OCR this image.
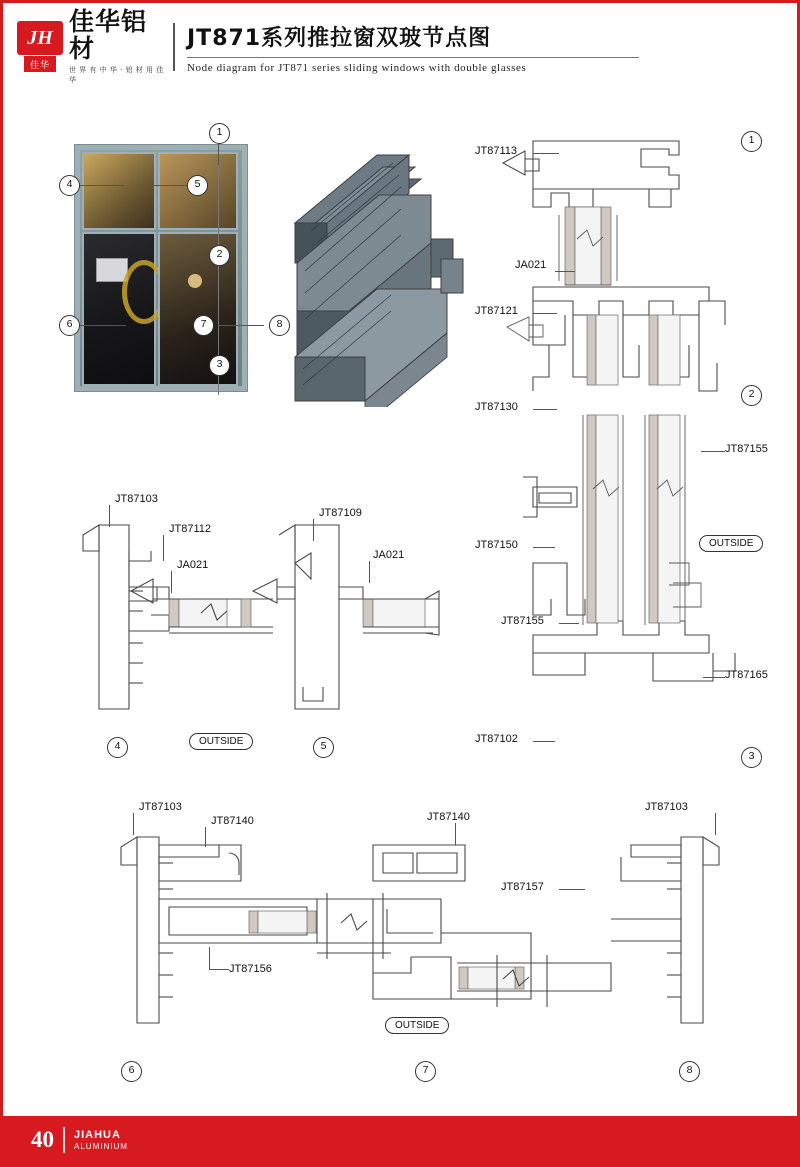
JH
佳华
佳华铝材
世 界 有 中 华 · 铝 材 用 佳 华
JT871系列推拉窗双玻节点图
Node diagram for JT871 series sliding windows with double glasses
1
4	5
2
6	7	8
3
JT87113
JA021
JT87121
JT87130
JT87155
JT87150
JT87155
JT87165
JT87102
OUTSIDE
1
2
3
JT87103
JT87112
JA021
JT87109
JA021
4	5
OUTSIDE
JT87103
JT87140	JT87140
JT87103
JT87157
JT87156
6	7	8
OUTSIDE
40 JIAHUA
ALUMINIUM
